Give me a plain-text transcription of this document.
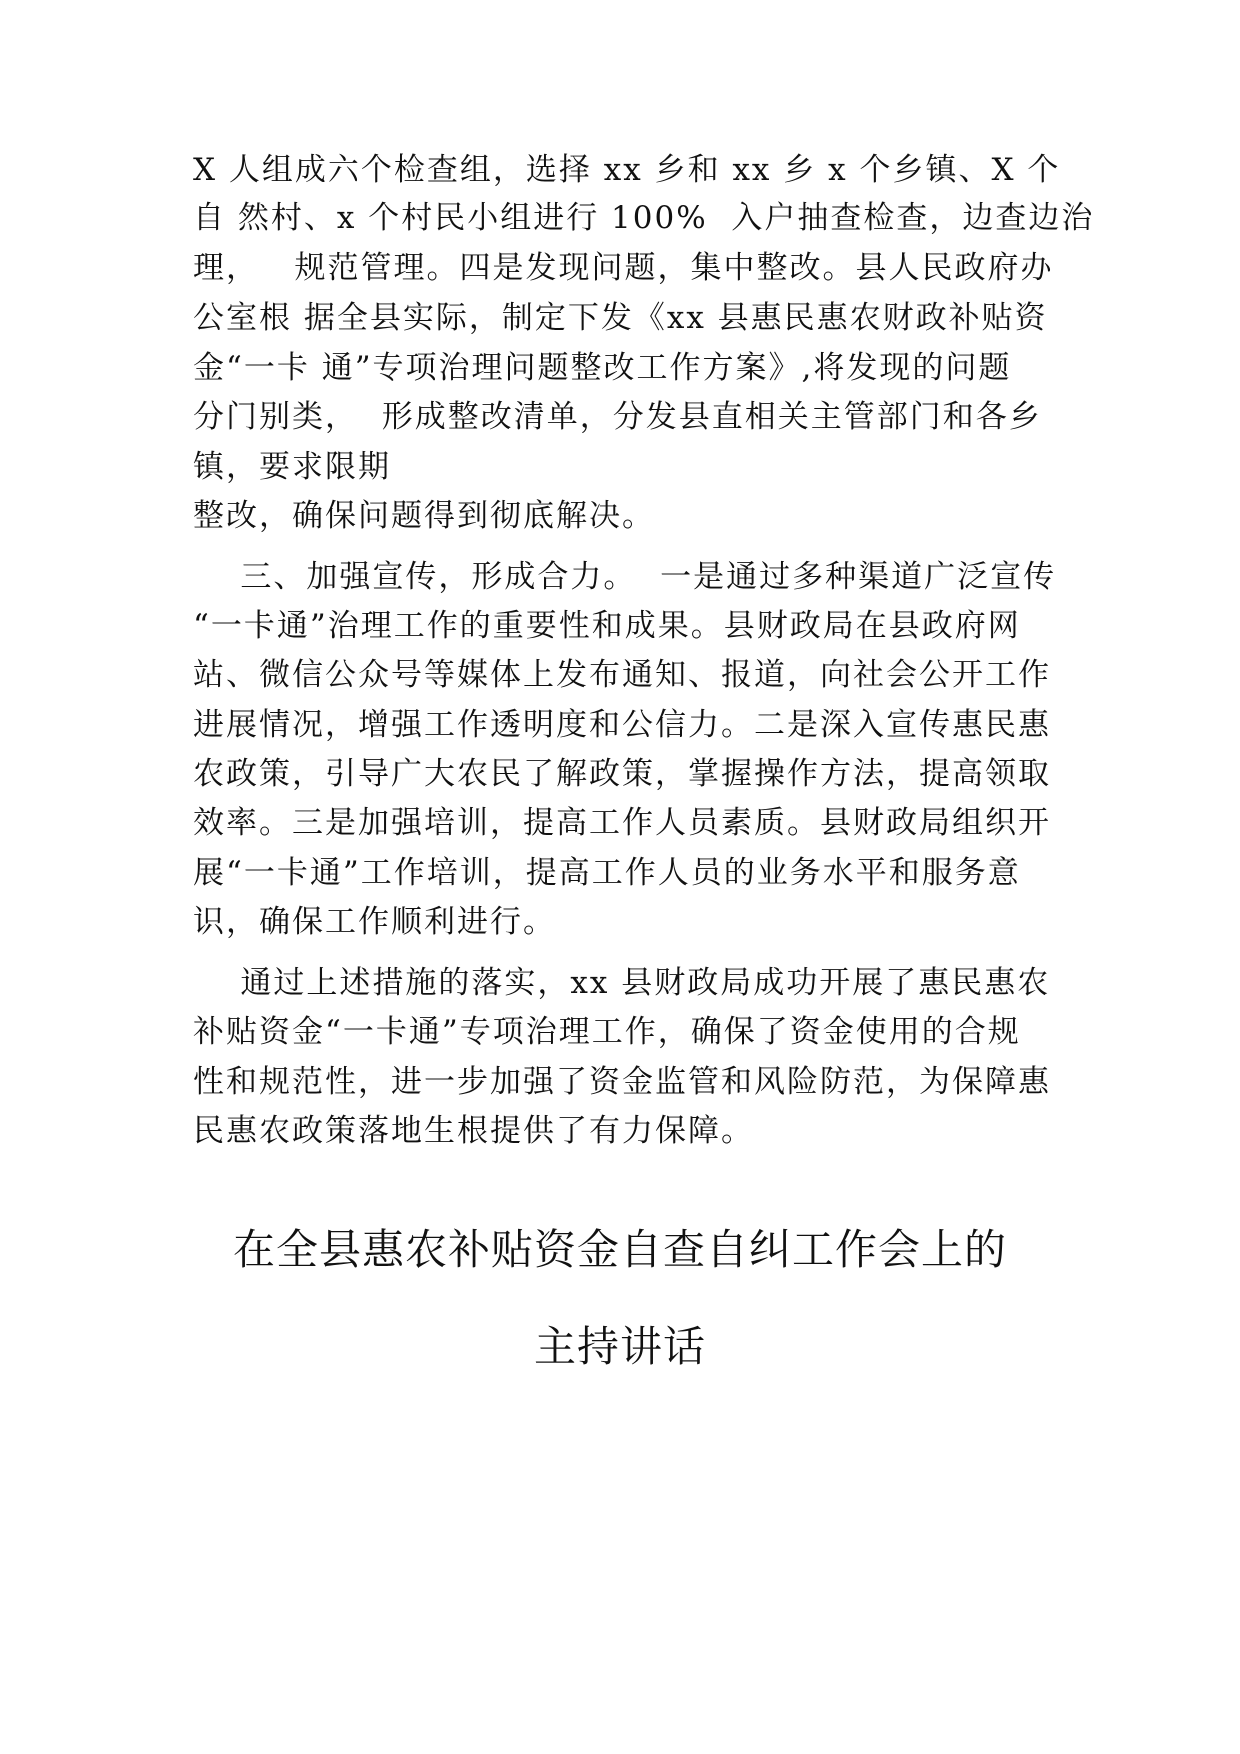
X 人组成六个检查组，选择 xx 乡和 xx 乡 x 个乡镇、X 个
自 然村、x 个村民小组进行 100%  入户抽查检查，边查边治
理，   规范管理。四是发现问题，集中整改。县人民政府办
公室根 据全县实际，制定下发《xx 县惠民惠农财政补贴资
金“一卡 通”专项治理问题整改工作方案》,将发现的问题
分门别类，  形成整改清单，分发县直相关主管部门和各乡
镇，要求限期
整改，确保问题得到彻底解决。
三、加强宣传，形成合力。  一是通过多种渠道广泛宣传
“一卡通”治理工作的重要性和成果。县财政局在县政府网
站、微信公众号等媒体上发布通知、报道，向社会公开工作
进展情况，增强工作透明度和公信力。二是深入宣传惠民惠
农政策，引导广大农民了解政策，掌握操作方法，提高领取
效率。三是加强培训，提高工作人员素质。县财政局组织开
展“一卡通”工作培训，提高工作人员的业务水平和服务意
识，确保工作顺利进行。
通过上述措施的落实，xx 县财政局成功开展了惠民惠农
补贴资金“一卡通”专项治理工作，确保了资金使用的合规
性和规范性，进一步加强了资金监管和风险防范，为保障惠
民惠农政策落地生根提供了有力保障。
在全县惠农补贴资金自查自纠工作会上的
主持讲话
